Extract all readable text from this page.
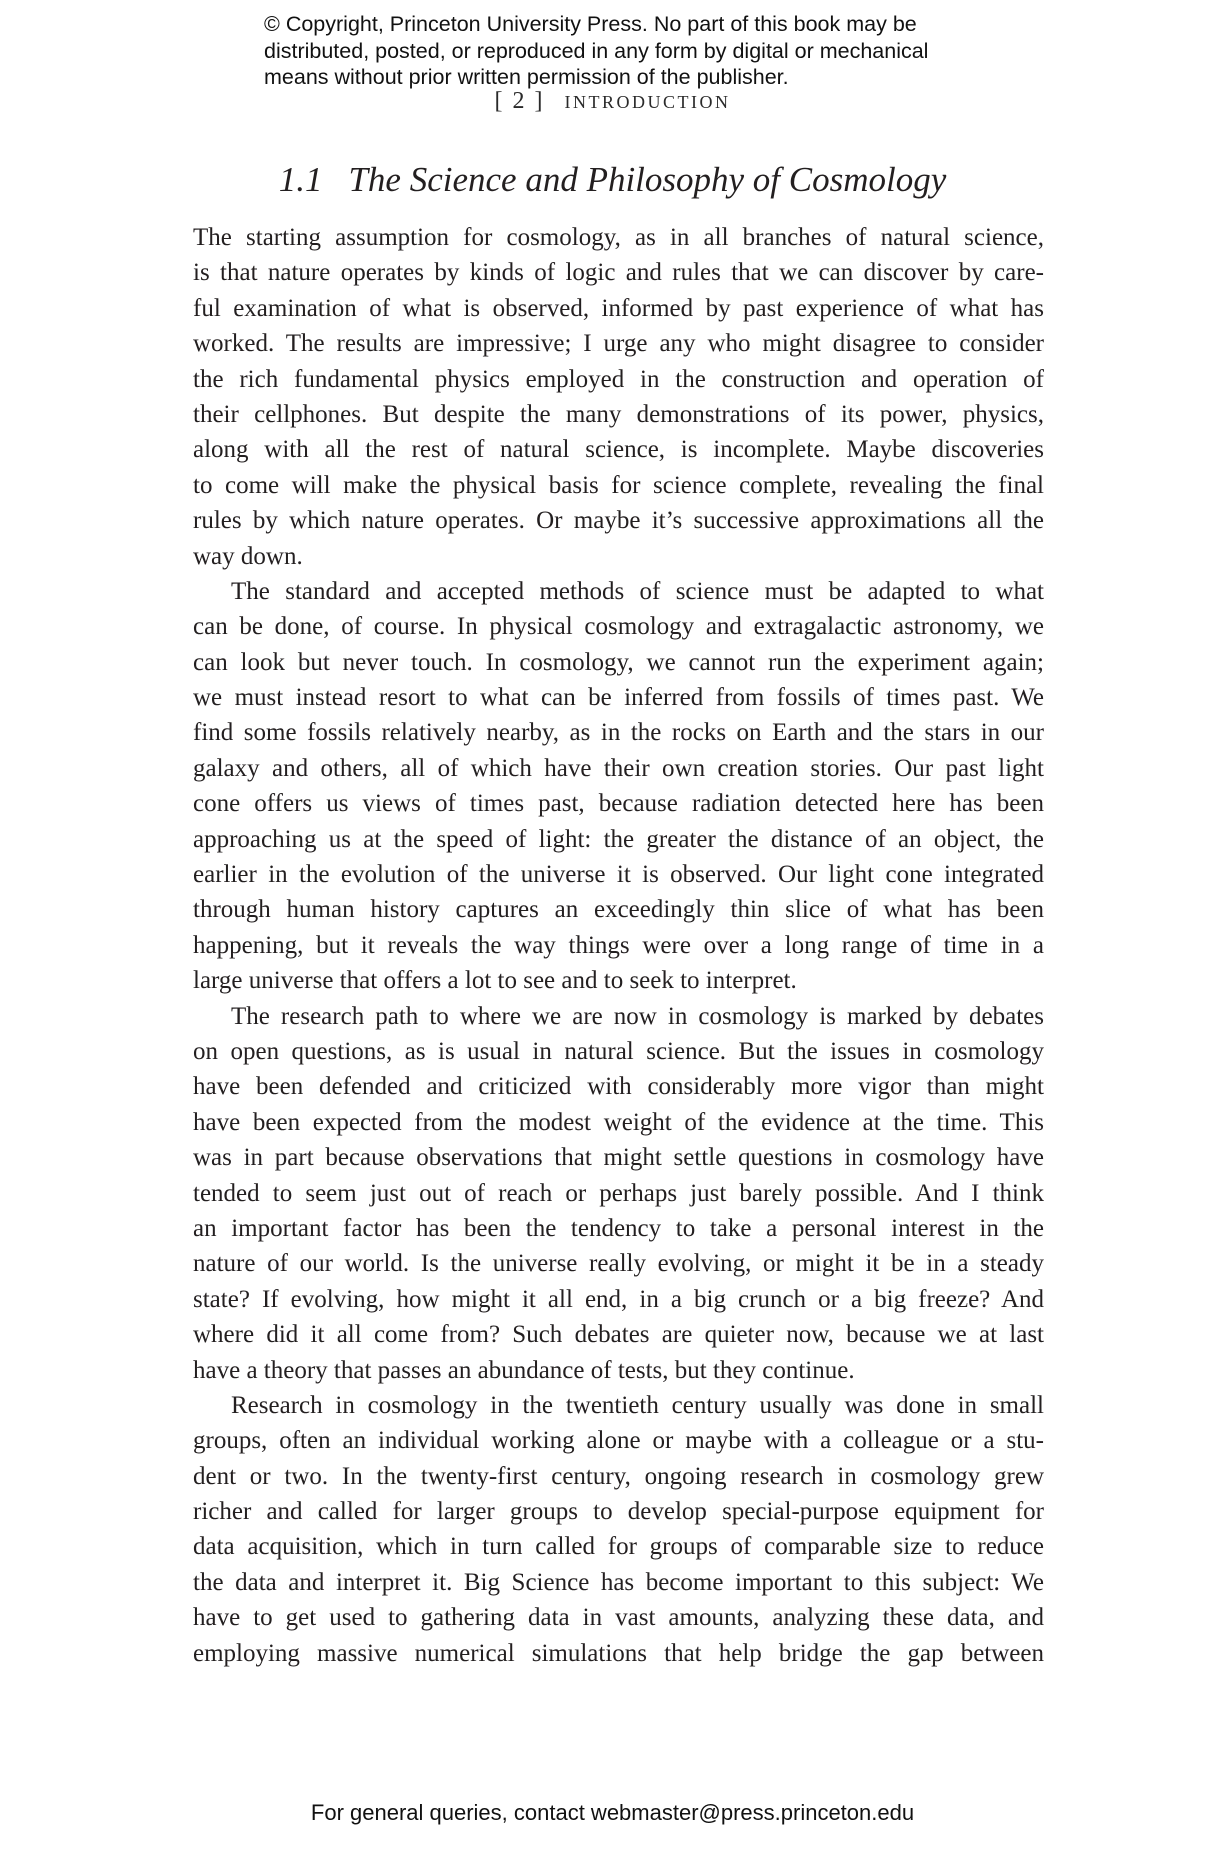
© Copyright, Princeton University Press. No part of this book may be
distributed, posted, or reproduced in any form by digital or mechanical
means without prior written permission of the publisher.
[ 2 ] INTRODUCTION
1.1 The Science and Philosophy of Cosmology
The starting assumption for cosmology, as in all branches of natural science,
is that nature operates by kinds of logic and rules that we can discover by care-
ful examination of what is observed, informed by past experience of what has
worked. The results are impressive; I urge any who might disagree to consider
the rich fundamental physics employed in the construction and operation of
their cellphones. But despite the many demonstrations of its power, physics,
along with all the rest of natural science, is incomplete. Maybe discoveries
to come will make the physical basis for science complete, revealing the final
rules by which nature operates. Or maybe it’s successive approximations all the
way down.
The standard and accepted methods of science must be adapted to what
can be done, of course. In physical cosmology and extragalactic astronomy, we
can look but never touch. In cosmology, we cannot run the experiment again;
we must instead resort to what can be inferred from fossils of times past. We
find some fossils relatively nearby, as in the rocks on Earth and the stars in our
galaxy and others, all of which have their own creation stories. Our past light
cone offers us views of times past, because radiation detected here has been
approaching us at the speed of light: the greater the distance of an object, the
earlier in the evolution of the universe it is observed. Our light cone integrated
through human history captures an exceedingly thin slice of what has been
happening, but it reveals the way things were over a long range of time in a
large universe that offers a lot to see and to seek to interpret.
The research path to where we are now in cosmology is marked by debates
on open questions, as is usual in natural science. But the issues in cosmology
have been defended and criticized with considerably more vigor than might
have been expected from the modest weight of the evidence at the time. This
was in part because observations that might settle questions in cosmology have
tended to seem just out of reach or perhaps just barely possible. And I think
an important factor has been the tendency to take a personal interest in the
nature of our world. Is the universe really evolving, or might it be in a steady
state? If evolving, how might it all end, in a big crunch or a big freeze? And
where did it all come from? Such debates are quieter now, because we at last
have a theory that passes an abundance of tests, but they continue.
Research in cosmology in the twentieth century usually was done in small
groups, often an individual working alone or maybe with a colleague or a stu-
dent or two. In the twenty-first century, ongoing research in cosmology grew
richer and called for larger groups to develop special-purpose equipment for
data acquisition, which in turn called for groups of comparable size to reduce
the data and interpret it. Big Science has become important to this subject: We
have to get used to gathering data in vast amounts, analyzing these data, and
employing massive numerical simulations that help bridge the gap between
For general queries, contact webmaster@press.princeton.edu
